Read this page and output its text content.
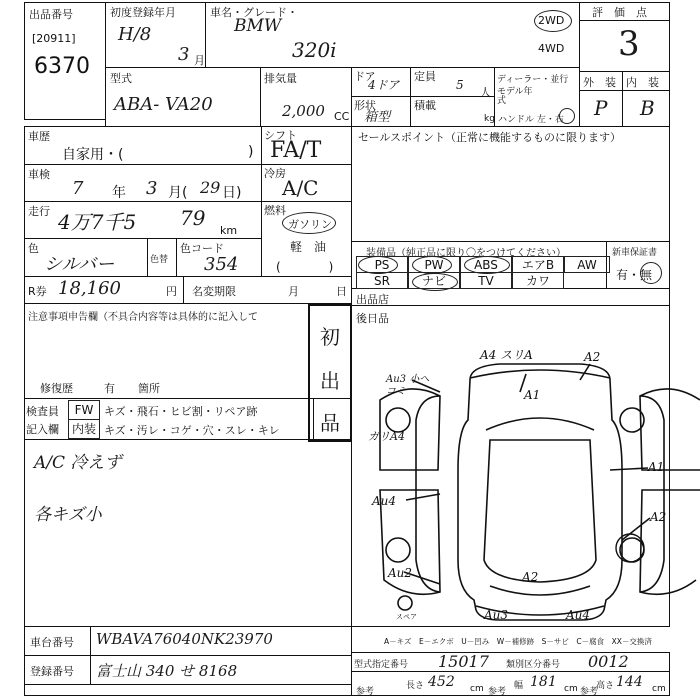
出品番号
[20911]
6370
初度登録年月
H/8
3 月
車名・グレード・
BMW
320i
2WD
4WD
評　価　点
3
型式
ABA- VA20
排気量
2,000 CC
ドア
4ドア
定員
5
人
形状
箱型
積載
kg
ディーラー・並行
モデル年式
ハンドル 左・右
外　装 内　装
P B
車歴
自家用・(	)
シフト
FA/T
車検
7 年 3 月( 29 日)
冷房
A/C
走行 4万7千5 79
km
燃料
ガソリン
軽　油
(　　　　)
色
シルバー	色替
色コード
354
R券 18,160	円 名変期限	月	日
注意事項申告欄（不具合内容等は具体的に記入して
修復歴	有 箇所
初
出
品
検査員
記入欄
FW キズ・飛石・ヒビ割・リペア跡
内装 キズ・汚レ・コゲ・穴・スレ・キレ
A/C 冷えず
各キズ小
セールスポイント（正常に機能するものに限ります）
装備品（純正品に限り〇をつけてください）	新車保証書
有・無
出品店
後日品
A4 スリA	A2
A1
Au3 小ヘコミ
ガリA4
A1
Au4
A2
Au2	A2
Au3	Au4
スペア
A－キズ　E－エクボ　U－凹み　W－補修跡　S－サビ　C－腐食　XX－交換済
車台番号 WBAVA76040NK23970
登録番号 富士山 340 せ 8168	型式指定番号 15017 類別区分番号 0012
参考
長さ 452 cm 参考
幅 181 cm 参考
高さ 144 cm
PS	PW	ABS	エアB	AW
SR	ナビ	TV	カワ
